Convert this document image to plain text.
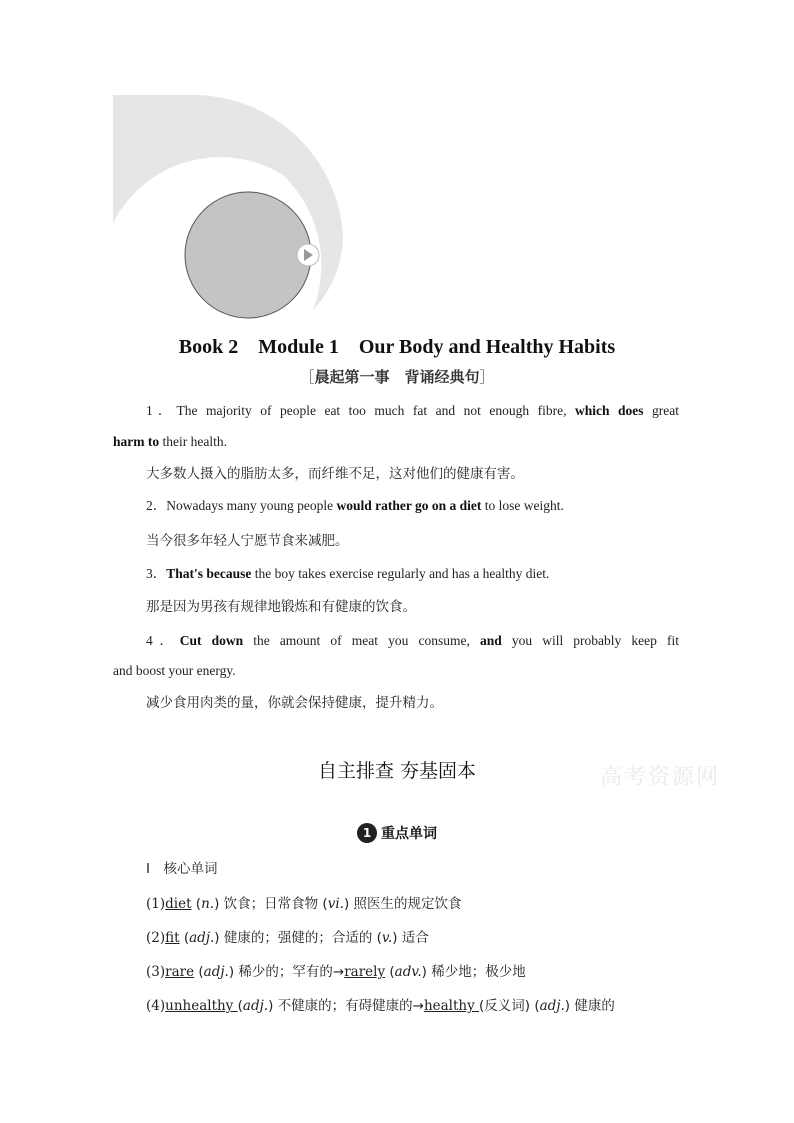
Book 2　Module 1　Our Body and Healthy Habits
［晨起第一事　背诵经典句］
1．The majority of people eat too much fat and not enough fibre, which does great
harm to their health.
大多数人摄入的脂肪太多，而纤维不足，这对他们的健康有害。
2．Nowadays many young people would rather go on a diet to lose weight.
当今很多年轻人宁愿节食来减肥。
3．That's because the boy takes exercise regularly and has a healthy diet.
那是因为男孩有规律地锻炼和有健康的饮食。
4．Cut down the amount of meat you consume, and you will probably keep fit
and boost your energy.
减少食用肉类的量，你就会保持健康，提升精力。
自主排查 夯基固本	高考资源网
1 重点单词
Ⅰ　核心单词
(1)diet (n.) 饮食；日常食物 (vi.) 照医生的规定饮食
(2)fit (adj.) 健康的；强健的；合适的 (v.) 适合
(3)rare (adj.) 稀少的；罕有的→rarely (adv.) 稀少地；极少地
(4)unhealthy (adj.) 不健康的；有碍健康的→healthy (反义词) (adj.) 健康的
